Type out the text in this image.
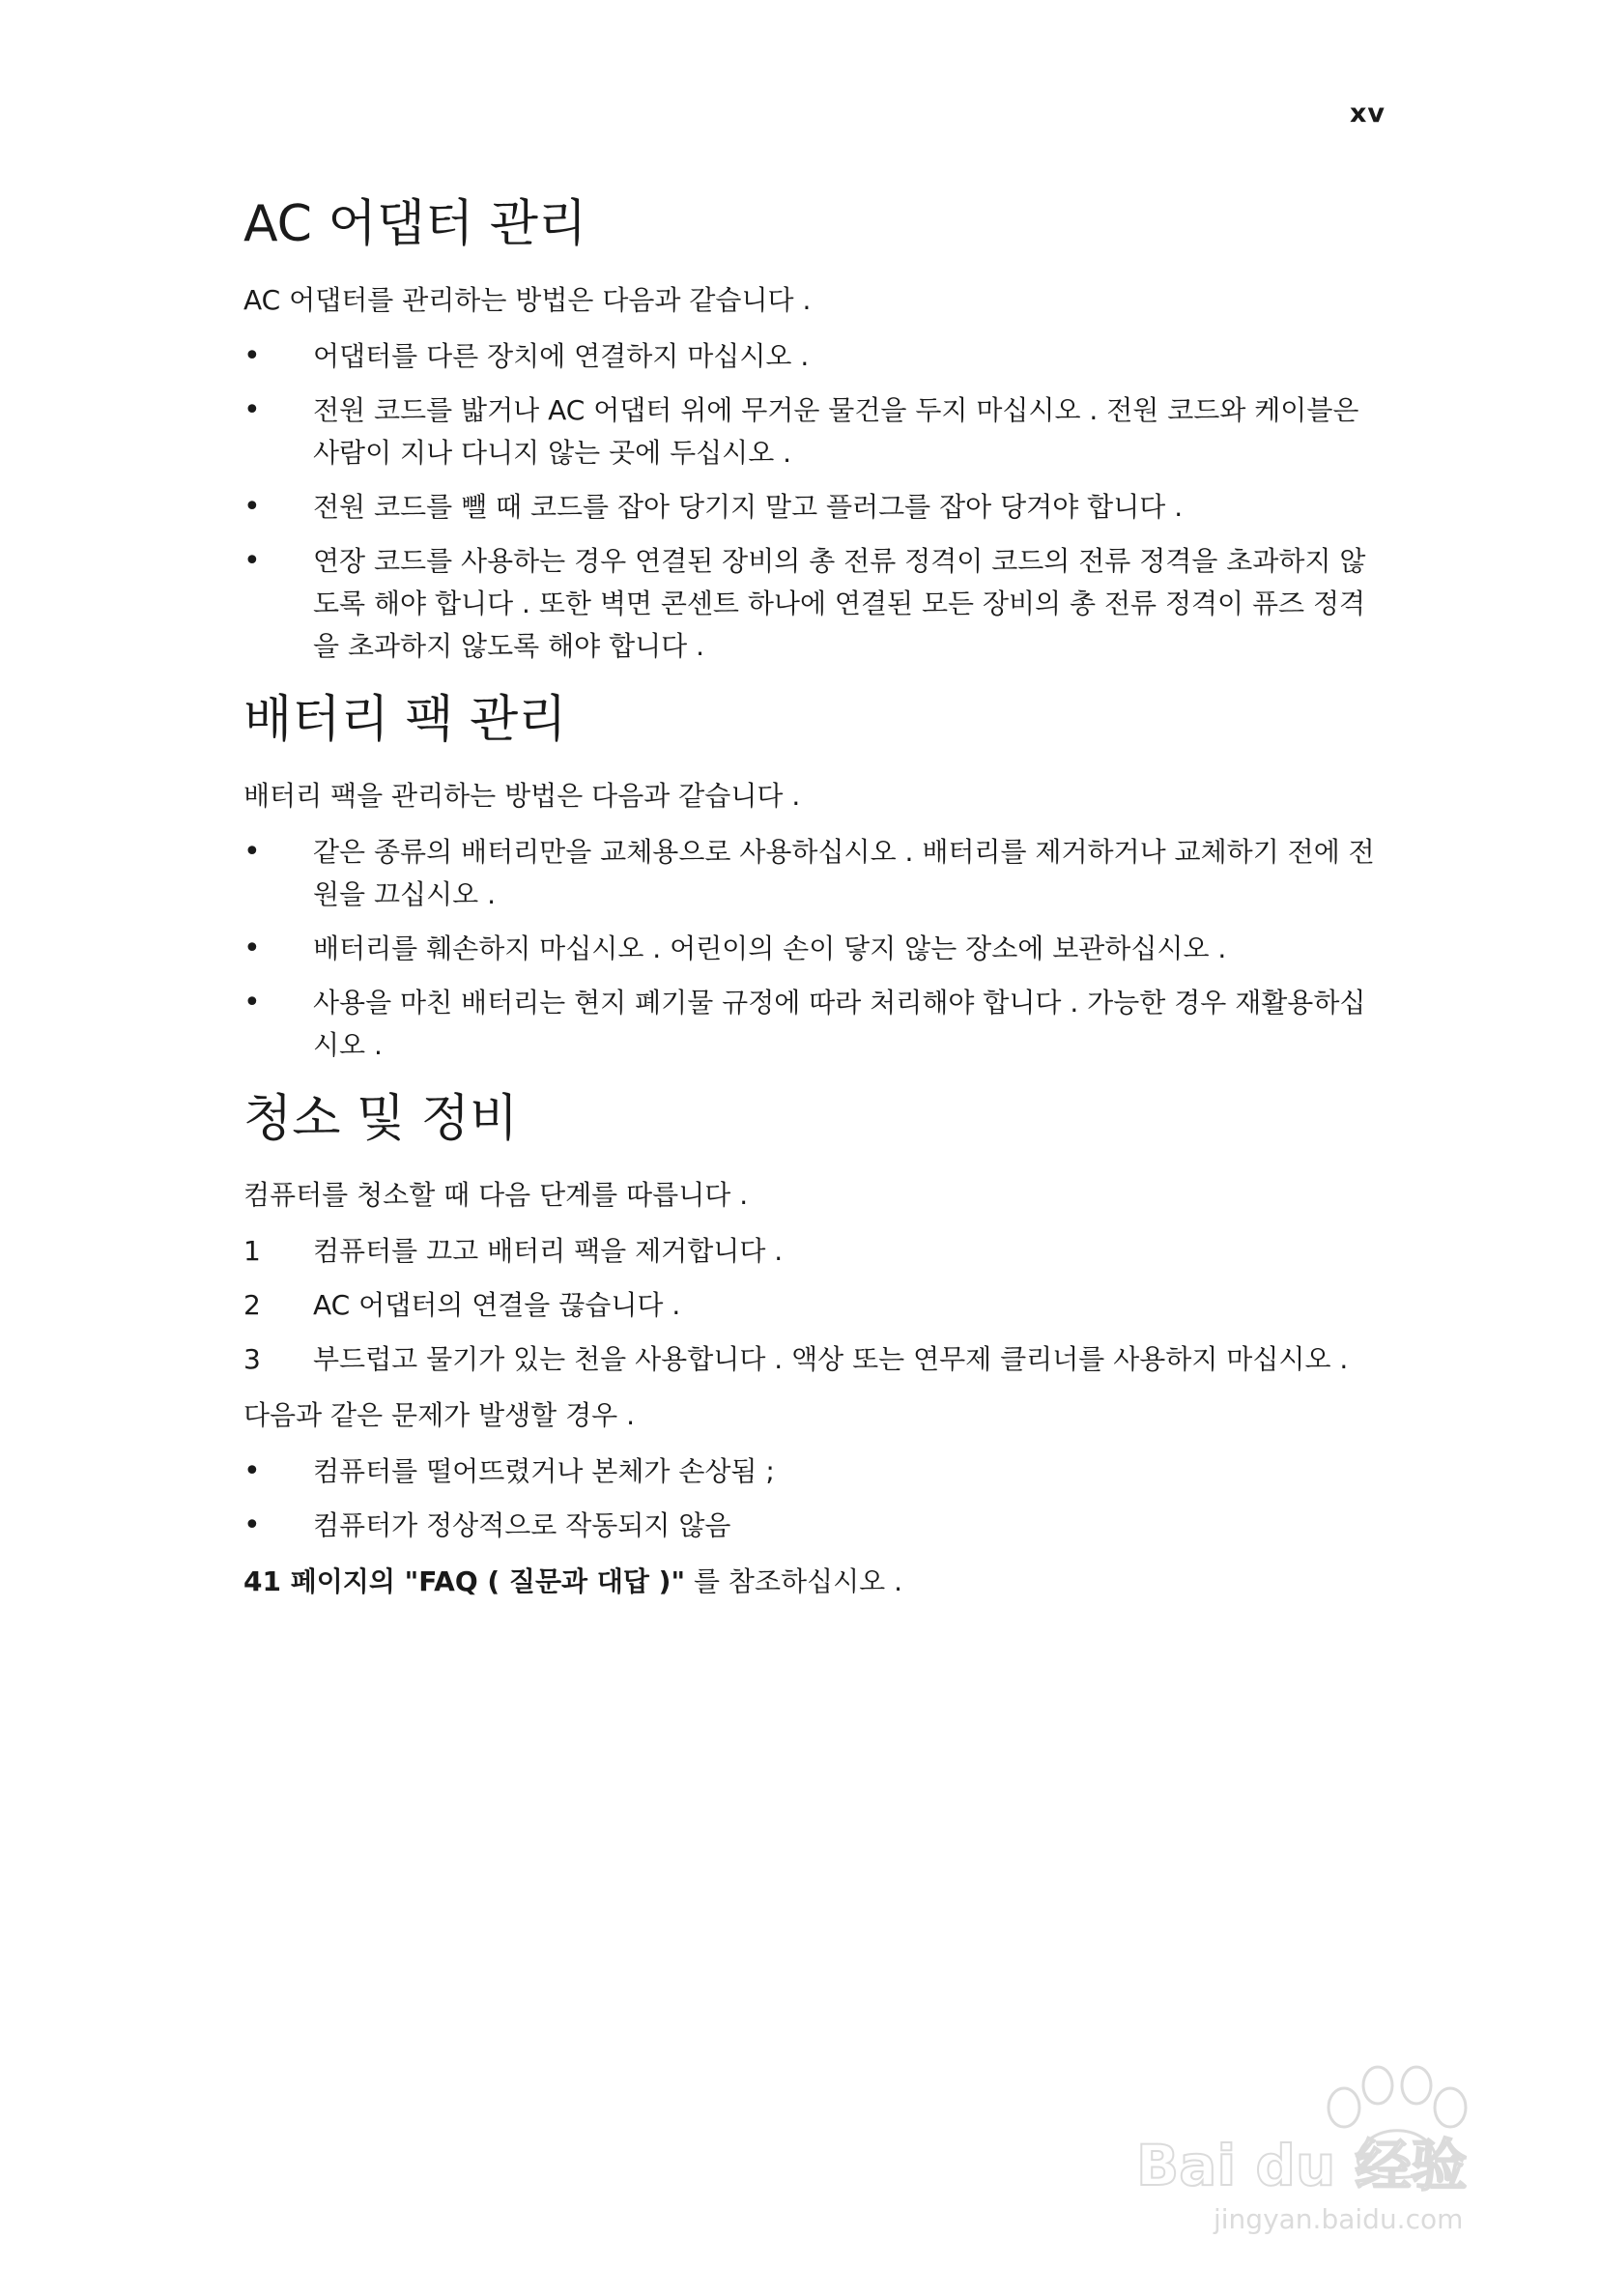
xv
AC 어댑터 관리

AC 어댑터를 관리하는 방법은 다음과 같습니다 .

•
어댑터를 다른 장치에 연결하지 마십시오 .
•
전원 코드를 밟거나 AC 어댑터 위에 무거운 물건을 두지 마십시오 . 전원 코드와 케이블은 사람이 지나 다니지 않는 곳에 두십시오 .
•
전원 코드를 뺄 때 코드를 잡아 당기지 말고 플러그를 잡아 당겨야 합니다 .
•
연장 코드를 사용하는 경우 연결된 장비의 총 전류 정격이 코드의 전류 정격을 초과하지 않도록 해야 합니다 . 또한 벽면 콘센트 하나에 연결된 모든 장비의 총 전류 정격이 퓨즈 정격을 초과하지 않도록 해야 합니다 .
배터리 팩 관리

배터리 팩을 관리하는 방법은 다음과 같습니다 .

•
같은 종류의 배터리만을 교체용으로 사용하십시오 . 배터리를 제거하거나 교체하기 전에 전원을 끄십시오 .
•
배터리를 훼손하지 마십시오 . 어린이의 손이 닿지 않는 장소에 보관하십시오 .
•
사용을 마친 배터리는 현지 폐기물 규정에 따라 처리해야 합니다 . 가능한 경우 재활용하십시오 .
청소 및 정비

컴퓨터를 청소할 때 다음 단계를 따릅니다 .

1	컴퓨터를 끄고 배터리 팩을 제거합니다 .
2	AC 어댑터의 연결을 끊습니다 .
3	부드럽고 물기가 있는 천을 사용합니다 . 액상 또는 연무제 클리너를 사용하지 마십시오 .

다음과 같은 문제가 발생할 경우 .

•
컴퓨터를 떨어뜨렸거나 본체가 손상됨 ;
•
컴퓨터가 정상적으로 작동되지 않음

41 페이지의 "FAQ ( 질문과 대답 )" 를 참조하십시오 .

Bai du 经验
jingyan.baidu.com
